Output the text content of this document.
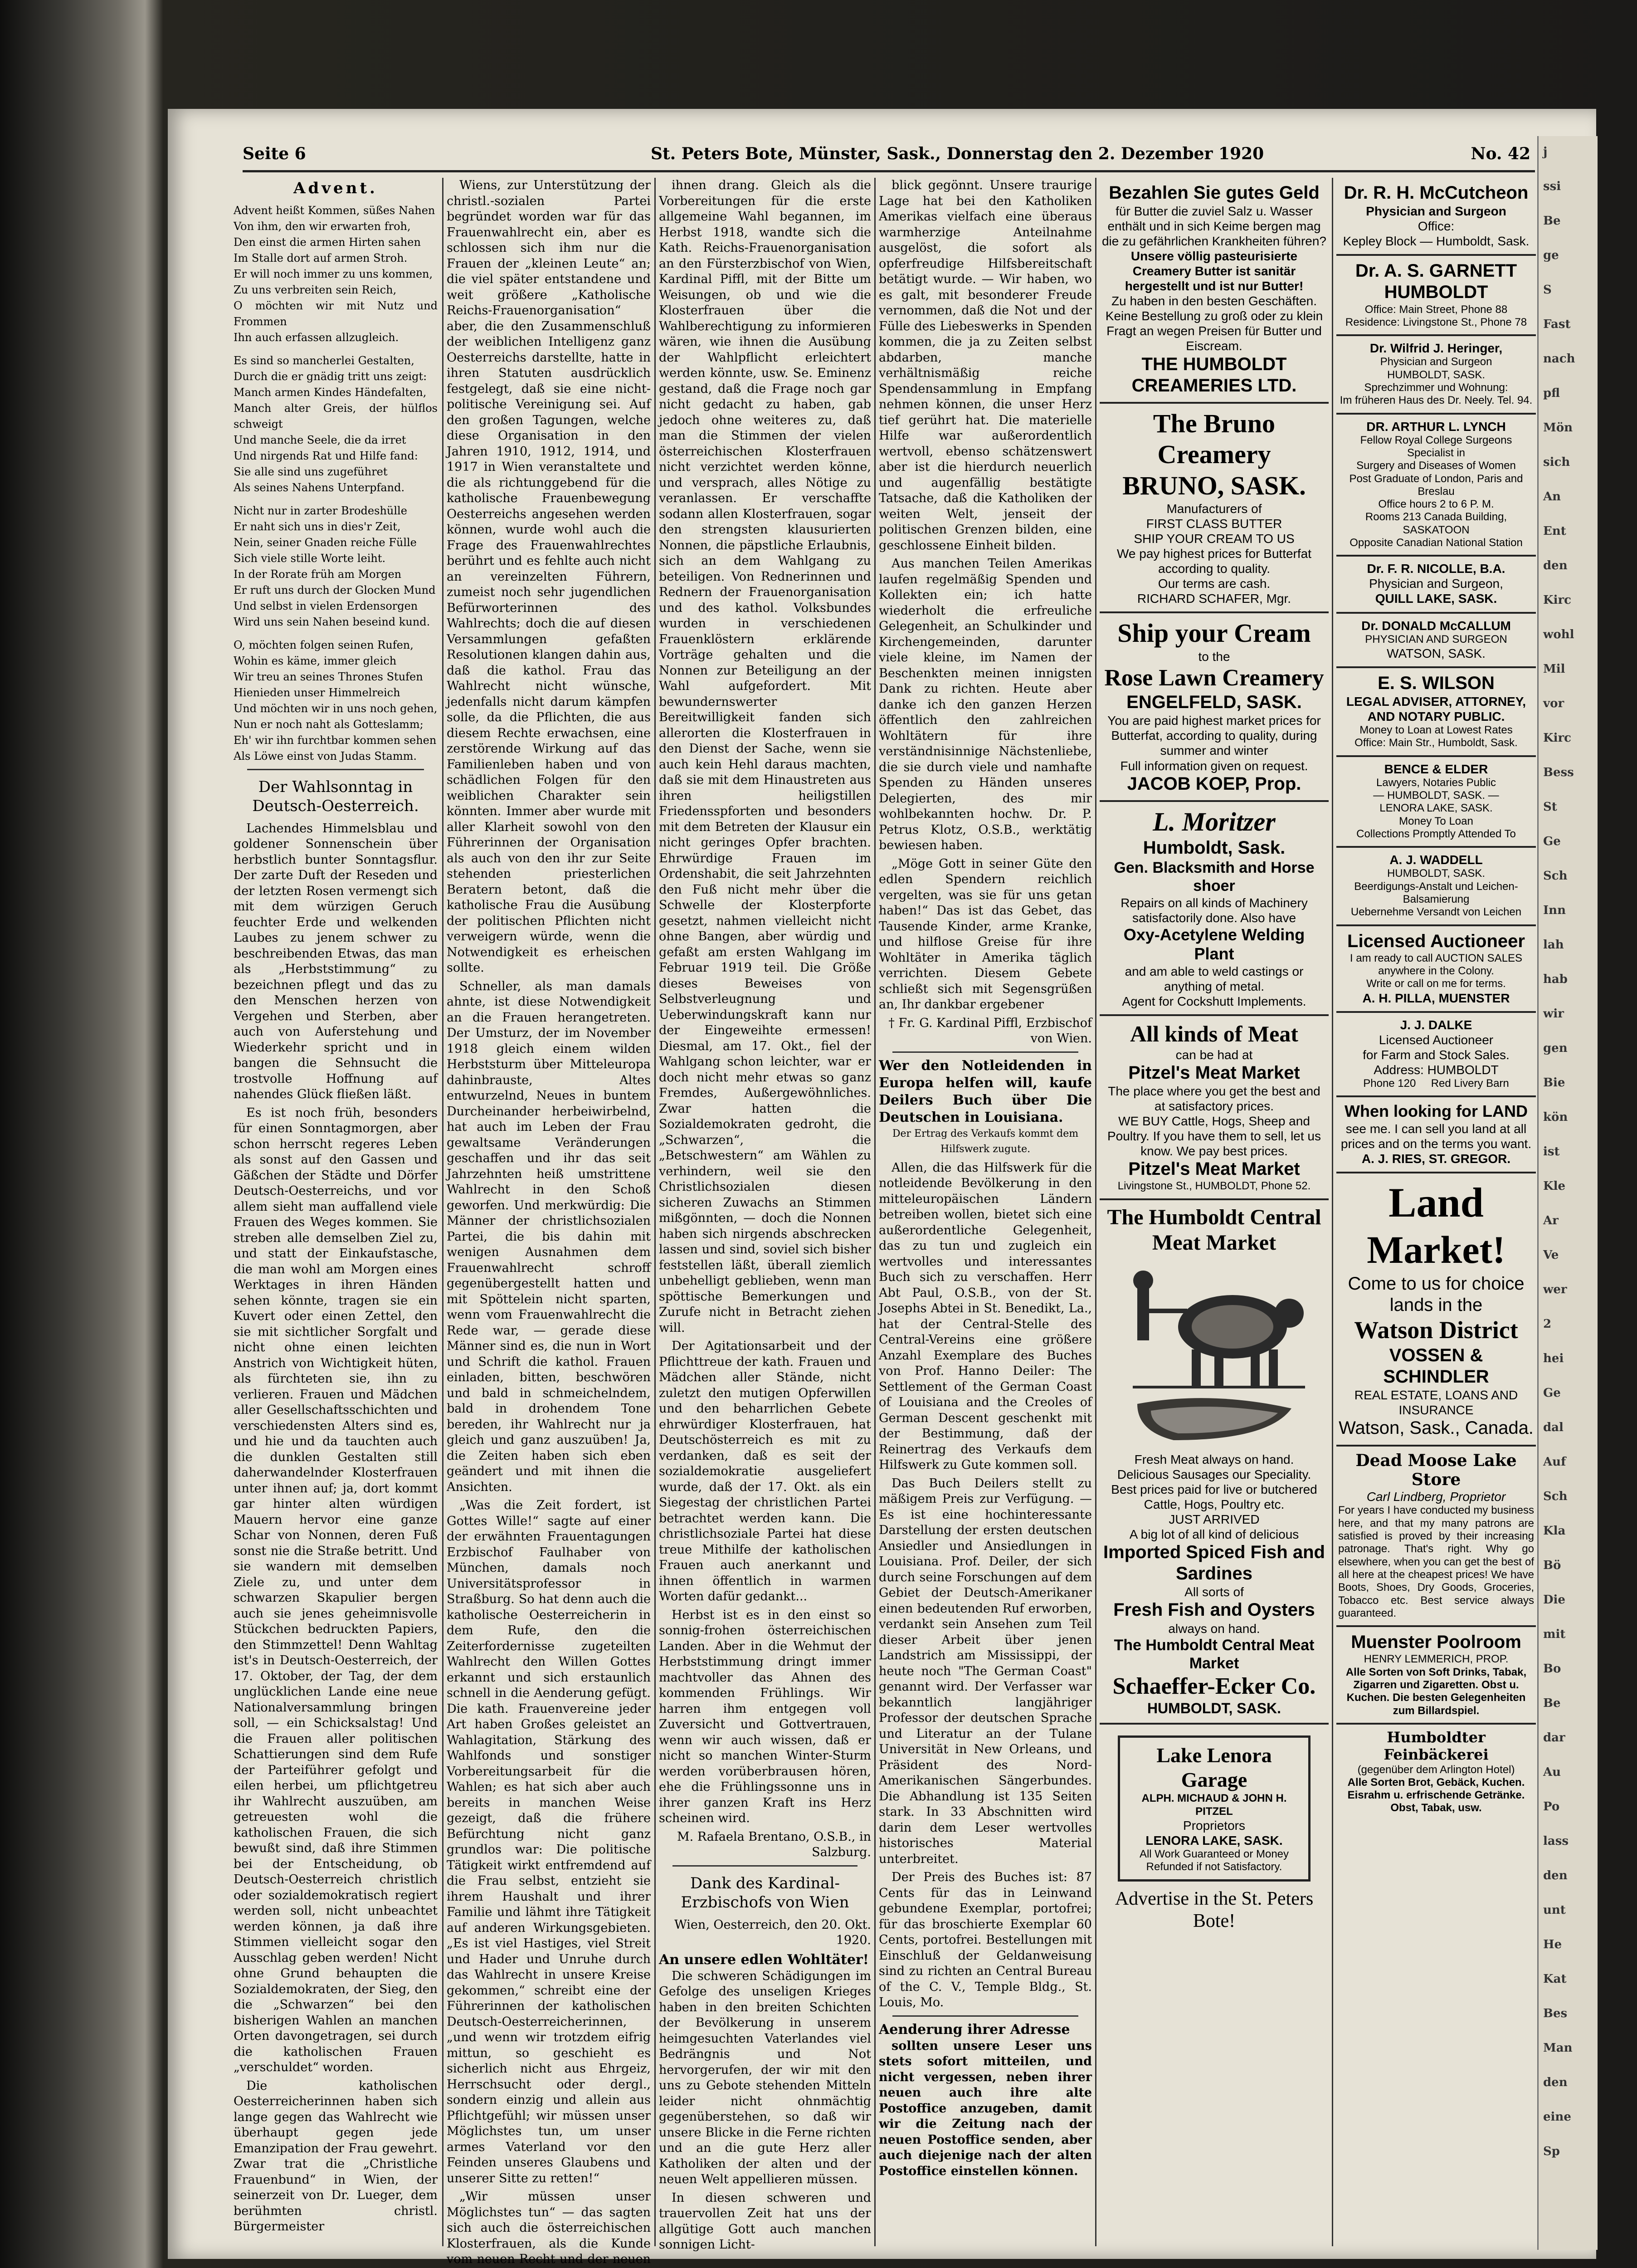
Seite 6	St. Peters Bote, Münster, Sask., Donnerstag den 2. Dezember 1920	No. 42
Advent.

Advent heißt Kommen, süßes Nahen

Von ihm, den wir erwarten froh,

Den einst die armen Hirten sahen

Im Stalle dort auf armen Stroh.

Er will noch immer zu uns kommen,

Zu uns verbreiten sein Reich,

O möchten wir mit Nutz und Frommen

Ihn auch erfassen allzugleich.

Es sind so mancherlei Gestalten,

Durch die er gnädig tritt uns zeigt:

Manch armen Kindes Händefalten,

Manch alter Greis, der hülflos schweigt

Und manche Seele, die da irret

Und nirgends Rat und Hilfe fand:

Sie alle sind uns zugeführet

Als seines Nahens Unterpfand.

Nicht nur in zarter Brodeshülle

Er naht sich uns in dies'r Zeit,

Nein, seiner Gnaden reiche Fülle

Sich viele stille Worte leiht.

In der Rorate früh am Morgen

Er ruft uns durch der Glocken Mund

Und selbst in vielen Erdensorgen

Wird uns sein Nahen beseind kund.

O, möchten folgen seinen Rufen,

Wohin es käme, immer gleich

Wir treu an seines Thrones Stufen

Hienieden unser Himmelreich

Und möchten wir in uns noch gehen,

Nun er noch naht als Gotteslamm;

Eh' wir ihn furchtbar kommen sehen

Als Löwe einst von Judas Stamm.

Der Wahlsonntag in Deutsch-Oesterreich.

Lachendes Himmelsblau und goldener Sonnenschein über herbstlich bunter Sonntagsflur. Der zarte Duft der Reseden und der letzten Rosen vermengt sich mit dem würzigen Geruch feuchter Erde und welkenden Laubes zu jenem schwer zu beschreibenden Etwas, das man als „Herbststimmung“ zu bezeichnen pflegt und das zu den Menschen herzen von Vergehen und Sterben, aber auch von Auferstehung und Wiederkehr spricht und in bangen die Sehnsucht die trostvolle Hoffnung auf nahendes Glück fließen läßt.

Es ist noch früh, besonders für einen Sonntagmorgen, aber schon herrscht regeres Leben als sonst auf den Gassen und Gäßchen der Städte und Dörfer Deutsch-Oesterreichs, und vor allem sieht man auffallend viele Frauen des Weges kommen. Sie streben alle demselben Ziel zu, und statt der Einkaufstasche, die man wohl am Morgen eines Werktages in ihren Händen sehen könnte, tragen sie ein Kuvert oder einen Zettel, den sie mit sichtlicher Sorgfalt und nicht ohne einen leichten Anstrich von Wichtigkeit hüten, als fürchteten sie, ihn zu verlieren. Frauen und Mädchen aller Gesellschaftsschichten und verschiedensten Alters sind es, und hie und da tauchten auch die dunklen Gestalten still daherwandelnder Klosterfrauen unter ihnen auf; ja, dort kommt gar hinter alten würdigen Mauern hervor eine ganze Schar von Nonnen, deren Fuß sonst nie die Straße betritt. Und sie wandern mit demselben Ziele zu, und unter dem schwarzen Skapulier bergen auch sie jenes geheimnisvolle Stückchen bedruckten Papiers, den Stimmzettel! Denn Wahltag ist's in Deutsch-Oesterreich, der 17. Oktober, der Tag, der dem unglücklichen Lande eine neue Nationalversammlung bringen soll, — ein Schicksalstag! Und die Frauen aller politischen Schattierungen sind dem Rufe der Parteiführer gefolgt und eilen herbei, um pflichtgetreu ihr Wahlrecht auszuüben, am getreuesten wohl die katholischen Frauen, die sich bewußt sind, daß ihre Stimmen bei der Entscheidung, ob Deutsch-Oesterreich christlich oder sozialdemokratisch regiert werden soll, nicht unbeachtet werden können, ja daß ihre Stimmen vielleicht sogar den Ausschlag geben werden! Nicht ohne Grund behaupten die Sozialdemokraten, der Sieg, den die „Schwarzen“ bei den bisherigen Wahlen an manchen Orten davongetragen, sei durch die katholischen Frauen „verschuldet“ worden.

Die katholischen Oesterreicherinnen haben sich lange gegen das Wahlrecht wie überhaupt gegen jede Emanzipation der Frau gewehrt. Zwar trat die „Christliche Frauenbund“ in Wien, der seinerzeit von Dr. Lueger, dem berühmten christl. Bürgermeister

Wiens, zur Unterstützung der christl.-sozialen Partei begründet worden war für das Frauenwahlrecht ein, aber es schlossen sich ihm nur die Frauen der „kleinen Leute“ an; die viel später entstandene und weit größere „Katholische Reichs-Frauenorganisation“ aber, die den Zusammenschluß der weiblichen Intelligenz ganz Oesterreichs darstellte, hatte in ihren Statuten ausdrücklich festgelegt, daß sie eine nicht-politische Vereinigung sei. Auf den großen Tagungen, welche diese Organisation in den Jahren 1910, 1912, 1914, und 1917 in Wien veranstaltete und die als richtunggebend für die katholische Frauenbewegung Oesterreichs angesehen werden können, wurde wohl auch die Frage des Frauenwahlrechtes berührt und es fehlte auch nicht an vereinzelten Führern, zumeist noch sehr jugendlichen Befürworterinnen des Wahlrechts; doch die auf diesen Versammlungen gefaßten Resolutionen klangen dahin aus, daß die kathol. Frau das Wahlrecht nicht wünsche, jedenfalls nicht darum kämpfen solle, da die Pflichten, die aus diesem Rechte erwachsen, eine zerstörende Wirkung auf das Familienleben haben und von schädlichen Folgen für den weiblichen Charakter sein könnten. Immer aber wurde mit aller Klarheit sowohl von den Führerinnen der Organisation als auch von den ihr zur Seite stehenden priesterlichen Beratern betont, daß die katholische Frau die Ausübung der politischen Pflichten nicht verweigern würde, wenn die Notwendigkeit es erheischen sollte.

Schneller, als man damals ahnte, ist diese Notwendigkeit an die Frauen herangetreten. Der Umsturz, der im November 1918 gleich einem wilden Herbststurm über Mitteleuropa dahinbrauste, Altes entwurzelnd, Neues in buntem Durcheinander herbeiwirbelnd, hat auch im Leben der Frau gewaltsame Veränderungen geschaffen und ihr das seit Jahrzehnten heiß umstrittene Wahlrecht in den Schoß geworfen. Und merkwürdig: Die Männer der christlichsozialen Partei, die bis dahin mit wenigen Ausnahmen dem Frauenwahlrecht schroff gegenübergestellt hatten und mit Spöttelein nicht sparten, wenn vom Frauenwahlrecht die Rede war, — gerade diese Männer sind es, die nun in Wort und Schrift die kathol. Frauen einladen, bitten, beschwören und bald in schmeichelndem, bald in drohendem Tone bereden, ihr Wahlrecht nur ja gleich und ganz auszuüben! Ja, die Zeiten haben sich eben geändert und mit ihnen die Ansichten.

„Was die Zeit fordert, ist Gottes Wille!“ sagte auf einer der erwähnten Frauentagungen Erzbischof Faulhaber von München, damals noch Universitätsprofessor in Straßburg. So hat denn auch die katholische Oesterreicherin in dem Rufe, den die Zeiterfordernisse zugeteilten Wahlrecht den Willen Gottes erkannt und sich erstaunlich schnell in die Aenderung gefügt. Die kath. Frauenvereine jeder Art haben Großes geleistet an Wahlagitation, Stärkung des Wahlfonds und sonstiger Vorbereitungsarbeit für die Wahlen; es hat sich aber auch bereits in manchen Weise gezeigt, daß die frühere Befürchtung nicht ganz grundlos war: Die politische Tätigkeit wirkt entfremdend auf die Frau selbst, entzieht sie ihrem Haushalt und ihrer Familie und lähmt ihre Tätigkeit auf anderen Wirkungsgebieten. „Es ist viel Hastiges, viel Streit und Hader und Unruhe durch das Wahlrecht in unsere Kreise gekommen,“ schreibt eine der Führerinnen der katholischen Deutsch-Oesterreicherinnen, „und wenn wir trotzdem eifrig mittun, so geschieht es sicherlich nicht aus Ehrgeiz, Herrschsucht oder dergl., sondern einzig und allein aus Pflichtgefühl; wir müssen unser Möglichstes tun, um unser armes Vaterland vor den Feinden unseres Glaubens und unserer Sitte zu retten!“

„Wir müssen unser Möglichstes tun“ — das sagten sich auch die österreichischen Klosterfrauen, als die Kunde vom neuen Recht und der neuen

ihnen drang. Gleich als die Vorbereitungen für die erste allgemeine Wahl begannen, im Herbst 1918, wandte sich die Kath. Reichs-Frauenorganisation an den Fürsterzbischof von Wien, Kardinal Piffl, mit der Bitte um Weisungen, ob und wie die Klosterfrauen über die Wahlberechtigung zu informieren wären, wie ihnen die Ausübung der Wahlpflicht erleichtert werden könnte, usw. Se. Eminenz gestand, daß die Frage noch gar nicht gedacht zu haben, gab jedoch ohne weiteres zu, daß man die Stimmen der vielen österreichischen Klosterfrauen nicht verzichtet werden könne, und versprach, alles Nötige zu veranlassen. Er verschaffte sodann allen Klosterfrauen, sogar den strengsten klausurierten Nonnen, die päpstliche Erlaubnis, sich an dem Wahlgang zu beteiligen. Von Rednerinnen und Rednern der Frauenorganisation und des kathol. Volksbundes wurden in verschiedenen Frauenklöstern erklärende Vorträge gehalten und die Nonnen zur Beteiligung an der Wahl aufgefordert. Mit bewundernswerter Bereitwilligkeit fanden sich allerorten die Klosterfrauen in den Dienst der Sache, wenn sie auch kein Hehl daraus machten, daß sie mit dem Hinaustreten aus ihren heiligstillen Friedensspforten und besonders mit dem Betreten der Klausur ein nicht geringes Opfer brachten. Ehrwürdige Frauen im Ordenshabit, die seit Jahrzehnten den Fuß nicht mehr über die Schwelle der Klosterpforte gesetzt, nahmen vielleicht nicht ohne Bangen, aber würdig und gefaßt am ersten Wahlgang im Februar 1919 teil. Die Größe dieses Beweises von Selbstverleugnung und Ueberwindungskraft kann nur der Eingeweihte ermessen! Diesmal, am 17. Okt., fiel der Wahlgang schon leichter, war er doch nicht mehr etwas so ganz Fremdes, Außergewöhnliches. Zwar hatten die Sozialdemokraten gedroht, die „Schwarzen“, die „Betschwestern“ am Wählen zu verhindern, weil sie den Christlichsozialen diesen sicheren Zuwachs an Stimmen mißgönnten, — doch die Nonnen haben sich nirgends abschrecken lassen und sind, soviel sich bisher feststellen läßt, überall ziemlich unbehelligt geblieben, wenn man spöttische Bemerkungen und Zurufe nicht in Betracht ziehen will.

Der Agitationsarbeit und der Pflichttreue der kath. Frauen und Mädchen aller Stände, nicht zuletzt den mutigen Opferwillen und den beharrlichen Gebete ehrwürdiger Klosterfrauen, hat Deutschösterreich es mit zu verdanken, daß es seit der sozialdemokratie ausgeliefert wurde, daß der 17. Okt. als ein Siegestag der christlichen Partei betrachtet werden kann. Die christlichsoziale Partei hat diese treue Mithilfe der katholischen Frauen auch anerkannt und ihnen öffentlich in warmen Worten dafür gedankt...

Herbst ist es in den einst so sonnig-frohen österreichischen Landen. Aber in die Wehmut der Herbststimmung dringt immer machtvoller das Ahnen des kommenden Frühlings. Wir harren ihm entgegen voll Zuversicht und Gottvertrauen, wenn wir auch wissen, daß er nicht so manchen Winter-Sturm werden vorüberbrausen hören, ehe die Frühlingssonne uns in ihrer ganzen Kraft ins Herz scheinen wird.

M. Rafaela Brentano, O.S.B., in Salzburg.

Dank des Kardinal-Erzbischofs von Wien

Wien, Oesterreich, den 20. Okt. 1920.

An unsere edlen Wohltäter!

Die schweren Schädigungen im Gefolge des unseligen Krieges haben in den breiten Schichten der Bevölkerung in unserem heimgesuchten Vaterlandes viel Bedrängnis und Not hervorgerufen, der wir mit den uns zu Gebote stehenden Mitteln leider nicht ohnmächtig gegenüberstehen, so daß wir unsere Blicke in die Ferne richten und an die gute Herz aller Katholiken der alten und der neuen Welt appellieren müssen.

In diesen schweren und trauervollen Zeit hat uns der allgütige Gott auch manchen sonnigen Licht-

blick gegönnt. Unsere traurige Lage hat bei den Katholiken Amerikas vielfach eine überaus warmherzige Anteilnahme ausgelöst, die sofort als opferfreudige Hilfsbereitschaft betätigt wurde. — Wir haben, wo es galt, mit besonderer Freude vernommen, daß die Not und der Fülle des Liebeswerks in Spenden kommen, die ja zu Zeiten selbst abdarben, manche verhältnismäßig reiche Spendensammlung in Empfang nehmen können, die unser Herz tief gerührt hat. Die materielle Hilfe war außerordentlich wertvoll, ebenso schätzenswert aber ist die hierdurch neuerlich und augenfällig bestätigte Tatsache, daß die Katholiken der weiten Welt, jenseit der politischen Grenzen bilden, eine geschlossene Einheit bilden.

Aus manchen Teilen Amerikas laufen regelmäßig Spenden und Kollekten ein; ich hatte wiederholt die erfreuliche Gelegenheit, an Schulkinder und Kirchengemeinden, darunter viele kleine, im Namen der Beschenkten meinen innigsten Dank zu richten. Heute aber danke ich den ganzen Herzen öffentlich den zahlreichen Wohltätern für ihre verständnisinnige Nächstenliebe, die sie durch viele und namhafte Spenden zu Händen unseres Delegierten, des mir wohlbekannten hochw. Dr. P. Petrus Klotz, O.S.B., werktätig bewiesen haben.

„Möge Gott in seiner Güte den edlen Spendern reichlich vergelten, was sie für uns getan haben!“ Das ist das Gebet, das Tausende Kinder, arme Kranke, und hilflose Greise für ihre Wohltäter in Amerika täglich verrichten. Diesem Gebete schließt sich mit Segensgrüßen an, Ihr dankbar ergebener

† Fr. G. Kardinal Piffl, Erzbischof von Wien.

Wer den Notleidenden in Europa helfen will, kaufe Deilers Buch über Die Deutschen in Louisiana.

Der Ertrag des Verkaufs kommt dem Hilfswerk zugute.

Allen, die das Hilfswerk für die notleidende Bevölkerung in den mitteleuropäischen Ländern betreiben wollen, bietet sich eine außerordentliche Gelegenheit, das zu tun und zugleich ein wertvolles und interessantes Buch sich zu verschaffen. Herr Abt Paul, O.S.B., von der St. Josephs Abtei in St. Benedikt, La., hat der Central-Stelle des Central-Vereins eine größere Anzahl Exemplare des Buches von Prof. Hanno Deiler: The Settlement of the German Coast of Louisiana and the Creoles of German Descent geschenkt mit der Bestimmung, daß der Reinertrag des Verkaufs dem Hilfswerk zu Gute kommen soll.

Das Buch Deilers stellt zu mäßigem Preis zur Verfügung. — Es ist eine hochinteressante Darstellung der ersten deutschen Ansiedler und Ansiedlungen in Louisiana. Prof. Deiler, der sich durch seine Forschungen auf dem Gebiet der Deutsch-Amerikaner einen bedeutenden Ruf erworben, verdankt sein Ansehen zum Teil dieser Arbeit über jenen Landstrich am Mississippi, der heute noch "The German Coast" genannt wird. Der Verfasser war bekanntlich langjähriger Professor der deutschen Sprache und Literatur an der Tulane Universität in New Orleans, und Präsident des Nord-Amerikanischen Sängerbundes. Die Abhandlung ist 135 Seiten stark. In 33 Abschnitten wird darin dem Leser wertvolles historisches Material unterbreitet.

Der Preis des Buches ist: 87 Cents für das in Leinwand gebundene Exemplar, portofrei; für das broschierte Exemplar 60 Cents, portofrei. Bestellungen mit Einschluß der Geldanweisung sind zu richten an Central Bureau of the C. V., Temple Bldg., St. Louis, Mo.

Aenderung ihrer Adresse

sollten unsere Leser uns stets sofort mitteilen, und nicht vergessen, neben ihrer neuen auch ihre alte Postoffice anzugeben, damit wir die Zeitung nach der neuen Postoffice senden, aber auch diejenige nach der alten Postoffice einstellen können.

Bezahlen Sie gutes Geld
für Butter die zuviel Salz u. Wasser enthält und in sich Keime bergen mag die zu gefährlichen Krankheiten führen?
Unsere völlig pasteurisierte Creamery Butter ist sanitär hergestellt und ist nur Butter!
Zu haben in den besten Geschäften. Keine Bestellung zu groß oder zu klein
Fragt an wegen Preisen für Butter und Eiscream.
THE HUMBOLDT CREAMERIES LTD.
The Bruno Creamery
BRUNO, SASK.
Manufacturers of
FIRST CLASS BUTTER
SHIP YOUR CREAM TO US
We pay highest prices for Butterfat according to quality.
Our terms are cash.
RICHARD SCHAFER, Mgr.
Ship your Cream
to the
Rose Lawn Creamery
ENGELFELD, SASK.
You are paid highest market prices for Butterfat, according to quality, during summer and winter
Full information given on request.
JACOB KOEP, Prop.
L. Moritzer
Humboldt, Sask.
Gen. Blacksmith and Horse shoer
Repairs on all kinds of Machinery satisfactorily done. Also have
Oxy-Acetylene Welding Plant
and am able to weld castings or anything of metal.
Agent for Cockshutt Implements.
All kinds of Meat
can be had at
Pitzel's Meat Market
The place where you get the best and at satisfactory prices.
WE BUY Cattle, Hogs, Sheep and Poultry. If you have them to sell, let us know. We pay best prices.
Pitzel's Meat Market
Livingstone St., HUMBOLDT, Phone 52.
The Humboldt Central Meat Market
Fresh Meat always on hand.
Delicious Sausages our Speciality.
Best prices paid for live or butchered Cattle, Hogs, Poultry etc.
JUST ARRIVED
A big lot of all kind of delicious
Imported Spiced Fish and Sardines
All sorts of
Fresh Fish and Oysters
always on hand.
The Humboldt Central Meat Market
Schaeffer-Ecker Co.
HUMBOLDT, SASK.
Lake Lenora
Garage
ALPH. MICHAUD & JOHN H. PITZEL
Proprietors
LENORA LAKE, SASK.
All Work Guaranteed or Money Refunded if not Satisfactory.
Advertise in the St. Peters Bote!
Dr. R. H. McCutcheon
Physician and Surgeon
Office:
Kepley Block — Humboldt, Sask.
Dr. A. S. GARNETT
HUMBOLDT
Office: Main Street, Phone 88
Residence: Livingstone St., Phone 78
Dr. Wilfrid J. Heringer,
Physician and Surgeon
HUMBOLDT, SASK.
Sprechzimmer und Wohnung:
Im früheren Haus des Dr. Neely. Tel. 94.
DR. ARTHUR L. LYNCH
Fellow Royal College Surgeons
Specialist in
Surgery and Diseases of Women
Post Graduate of London, Paris and Breslau
Office hours 2 to 6 P. M.
Rooms 213 Canada Building, SASKATOON
Opposite Canadian National Station
Dr. F. R. NICOLLE, B.A.
Physician and Surgeon,
QUILL LAKE, SASK.
Dr. DONALD McCALLUM
PHYSICIAN AND SURGEON
WATSON, SASK.
E. S. WILSON
LEGAL ADVISER, ATTORNEY, AND NOTARY PUBLIC.
Money to Loan at Lowest Rates
Office: Main Str., Humboldt, Sask.
BENCE & ELDER
Lawyers, Notaries Public
— HUMBOLDT, SASK. —
LENORA LAKE, SASK.
Money To Loan
Collections Promptly Attended To
A. J. WADDELL
HUMBOLDT, SASK.
Beerdigungs-Anstalt und Leichen-Balsamierung
Uebernehme Versandt von Leichen
Licensed Auctioneer
I am ready to call AUCTION SALES anywhere in the Colony.
Write or call on me for terms.
A. H. PILLA, MUENSTER
J. J. DALKE
Licensed Auctioneer
for Farm and Stock Sales.
Address: HUMBOLDT
Phone 120 Red Livery Barn
When looking for LAND
see me. I can sell you land at all prices and on the terms you want.
A. J. RIES, ST. GREGOR.
Land
Market!
Come to us for choice lands in the
Watson District
VOSSEN & SCHINDLER
REAL ESTATE, LOANS AND INSURANCE
Watson, Sask., Canada.
Dead Moose Lake Store
Carl Lindberg, Proprietor
For years I have conducted my business here, and that my many patrons are satisfied is proved by their increasing patronage. That's right. Why go elsewhere, when you can get the best of all here at the cheapest prices! We have Boots, Shoes, Dry Goods, Groceries, Tobacco etc. Best service always guaranteed.
Muenster Poolroom
HENRY LEMMERICH, PROP.
Alle Sorten von Soft Drinks, Tabak, Zigarren und Zigaretten. Obst u. Kuchen. Die besten Gelegenheiten zum Billardspiel.
Humboldter Feinbäckerei
(gegenüber dem Arlington Hotel)
Alle Sorten Brot, Gebäck, Kuchen. Eisrahm u. erfrischende Getränke. Obst, Tabak, usw.
j
ssi
Be
ge
S
Fast
nach
pfl
Mön
sich
An
Ent
den
Kirc
wohl
Mil
vor
Kirc
Bess
St
Ge
Sch
Inn
lah
hab
wir
gen
Bie
kön
ist
Kle
Ar
Ve
wer
2
hei
Ge
dal
Auf
Sch
Kla
Bö
Die
mit
Bo
Be
dar
Au
Po
lass
den
unt
He
Kat
Bes
Man
den
eine
Sp
